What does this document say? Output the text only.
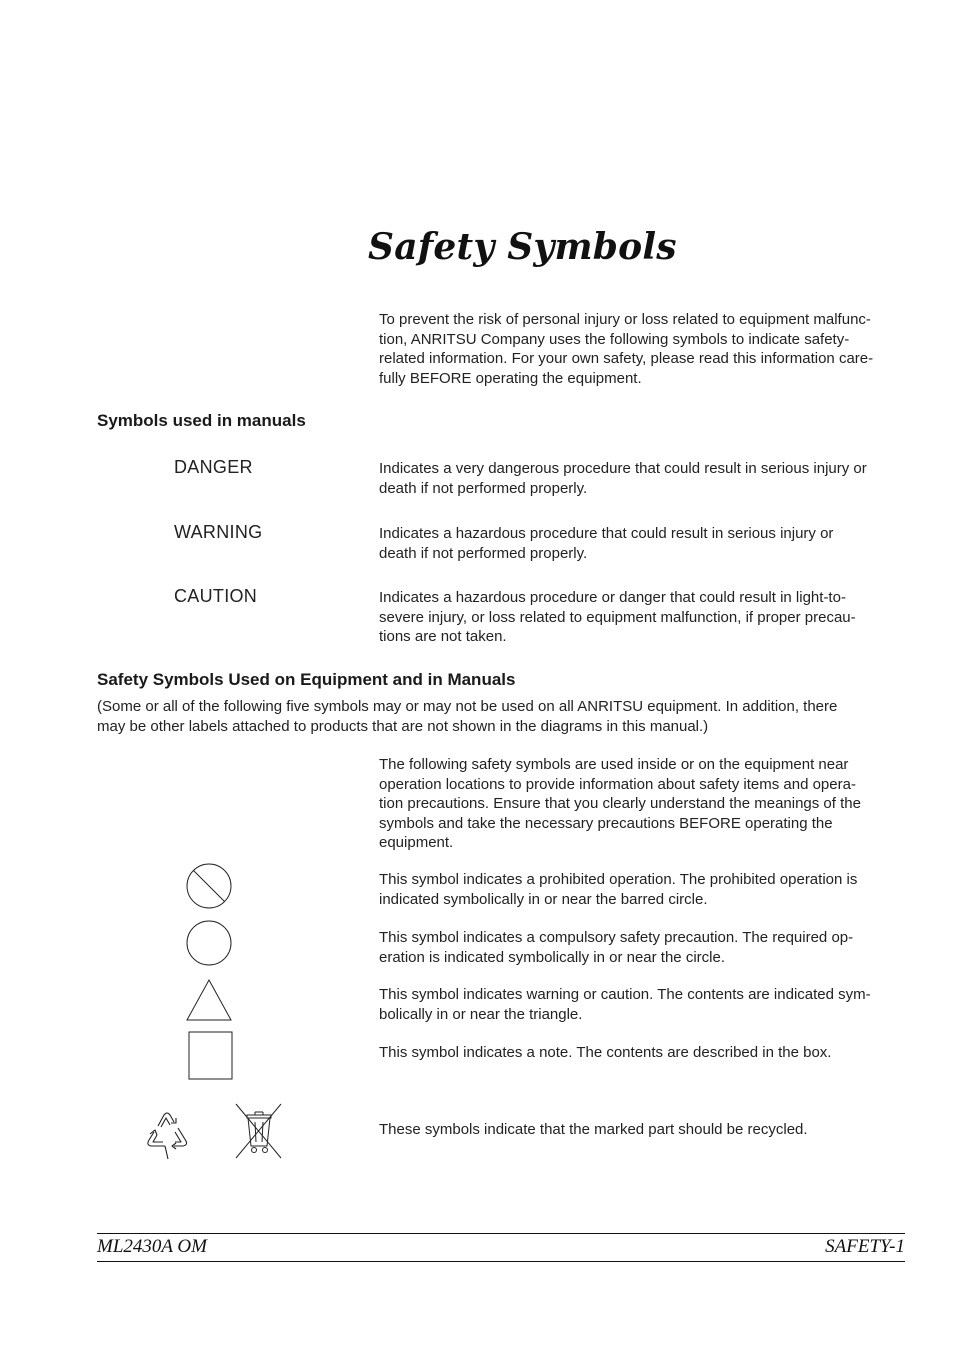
Safety Symbols
To prevent the risk of personal injury or loss related to equipment malfunc-
tion, ANRITSU Company uses the following symbols to indicate safety-
related information. For your own safety, please read this information care-
fully BEFORE operating the equipment.
Symbols used in manuals
DANGER	Indicates a very dangerous procedure that could result in serious injury or
death if not performed properly.
WARNING	Indicates a hazardous procedure that could result in serious injury or
death if not performed properly.
CAUTION	Indicates a hazardous procedure or danger that could result in light-to-
severe injury, or loss related to equipment malfunction, if proper precau-
tions are not taken.
Safety Symbols Used on Equipment and in Manuals
(Some or all of the following five symbols may or may not be used on all ANRITSU equipment. In addition, there
may be other labels attached to products that are not shown in the diagrams in this manual.)
The following safety symbols are used inside or on the equipment near
operation locations to provide information about safety items and opera-
tion precautions. Ensure that you clearly understand the meanings of the
symbols and take the necessary precautions BEFORE operating the
equipment.
This symbol indicates a prohibited operation. The prohibited operation is
indicated symbolically in or near the barred circle.
This symbol indicates a compulsory safety precaution. The required op-
eration is indicated symbolically in or near the circle.
This symbol indicates warning or caution. The contents are indicated sym-
bolically in or near the triangle.
This symbol indicates a note. The contents are described in the box.
These symbols indicate that the marked part should be recycled.
ML2430A OM	SAFETY-1
